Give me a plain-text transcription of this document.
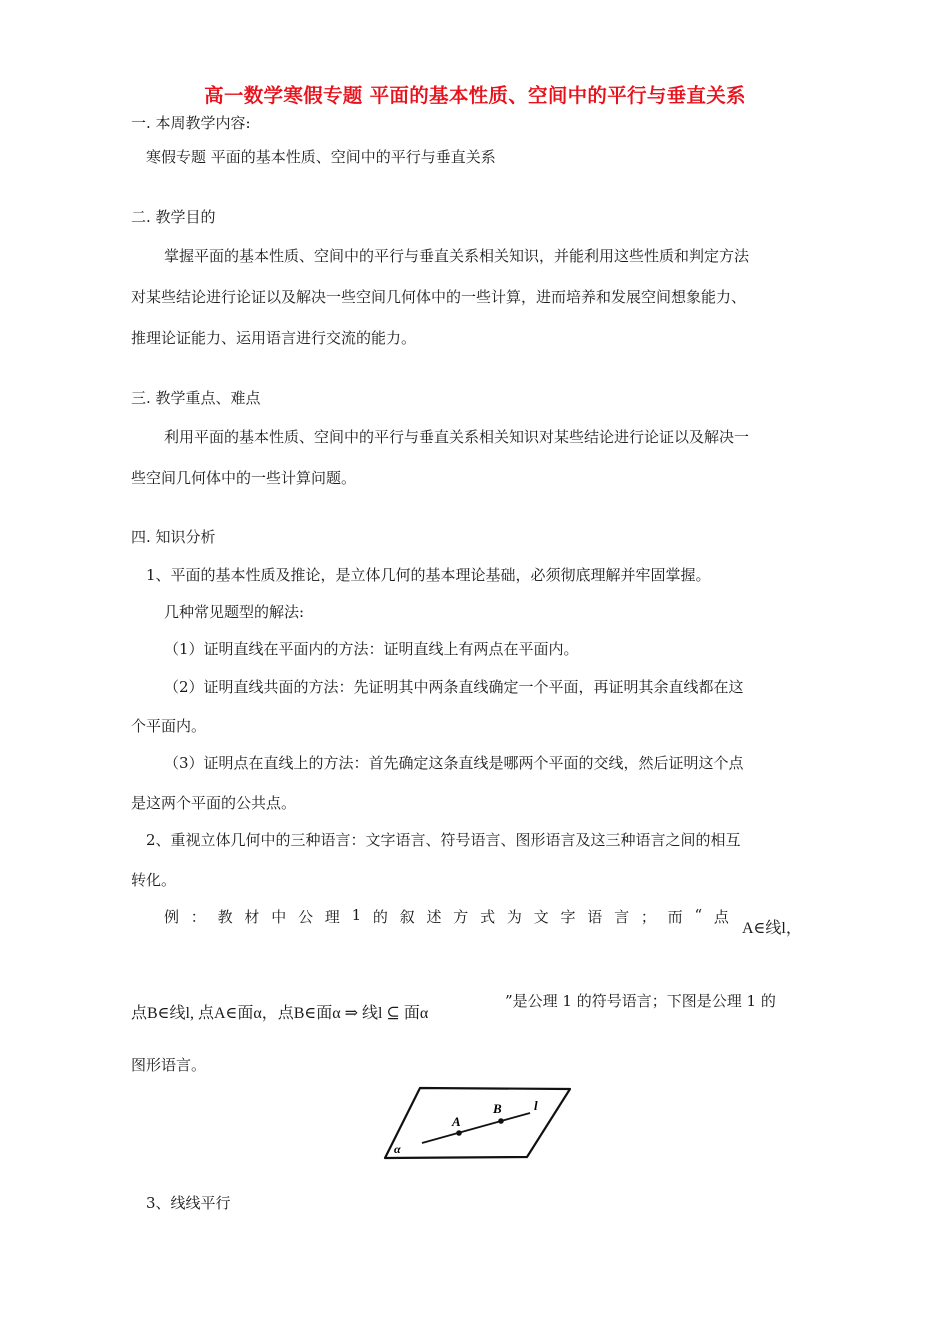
高一数学寒假专题 平面的基本性质、空间中的平行与垂直关系
一. 本周教学内容:
寒假专题 平面的基本性质、空间中的平行与垂直关系
二. 教学目的
掌握平面的基本性质、空间中的平行与垂直关系相关知识，并能利用这些性质和判定方法
对某些结论进行论证以及解决一些空间几何体中的一些计算，进而培养和发展空间想象能力、
推理论证能力、运用语言进行交流的能力。
三. 教学重点、难点
利用平面的基本性质、空间中的平行与垂直关系相关知识对某些结论进行论证以及解决一
些空间几何体中的一些计算问题。
四. 知识分析
1、平面的基本性质及推论，是立体几何的基本理论基础，必须彻底理解并牢固掌握。
几种常见题型的解法:
（1）证明直线在平面内的方法：证明直线上有两点在平面内。
（2）证明直线共面的方法：先证明其中两条直线确定一个平面，再证明其余直线都在这
个平面内。
（3）证明点在直线上的方法：首先确定这条直线是哪两个平面的交线，然后证明这个点
是这两个平面的公共点。
2、重视立体几何中的三种语言：文字语言、符号语言、图形语言及这三种语言之间的相互
转化。
例 ： 教 材 中 公 理 1 的 叙 述 方 式 为 文 字 语 言 ； 而 “ 点
A∈线l，
点B∈线l, 点A∈面α，点B∈面α ⇒ 线l ⊆ 面α
”是公理 1 的符号语言；下图是公理 1 的
图形语言。
A
B l
α
3、线线平行
